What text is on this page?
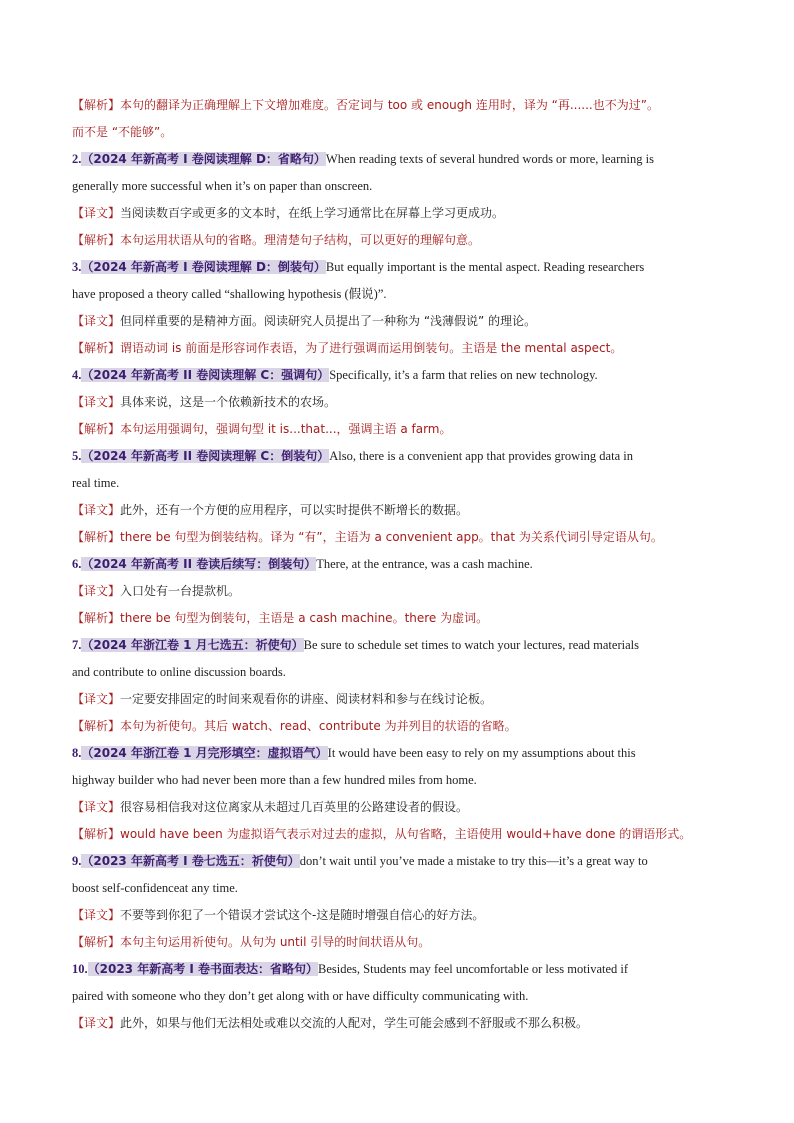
【解析】本句的翻译为正确理解上下文增加难度。否定词与 too 或 enough 连用时，译为 “再......也不为过”。
而不是 “不能够”。
2.（2024 年新高考 I 卷阅读理解 D：省略句）When reading texts of several hundred words or more, learning is
generally more successful when it’s on paper than onscreen.
【译文】当阅读数百字或更多的文本时，在纸上学习通常比在屏幕上学习更成功。
【解析】本句运用状语从句的省略。理清楚句子结构，可以更好的理解句意。
3.（2024 年新高考 I 卷阅读理解 D：倒装句）But equally important is the mental aspect. Reading researchers
have proposed a theory called “shallowing hypothesis (假说)”.
【译文】但同样重要的是精神方面。阅读研究人员提出了一种称为 “浅薄假说” 的理论。
【解析】谓语动词 is 前面是形容词作表语，为了进行强调而运用倒装句。主语是 the mental aspect。
4.（2024 年新高考 II 卷阅读理解 C：强调句）Specifically, it’s a farm that relies on new technology.
【译文】具体来说，这是一个依赖新技术的农场。
【解析】本句运用强调句，强调句型 it is...that...，强调主语 a farm。
5.（2024 年新高考 II 卷阅读理解 C：倒装句）Also, there is a convenient app that provides growing data in
real time.
【译文】此外，还有一个方便的应用程序，可以实时提供不断增长的数据。
【解析】there be 句型为倒装结构。译为 “有”，主语为 a convenient app。that 为关系代词引导定语从句。
6.（2024 年新高考 II 卷读后续写：倒装句）There, at the entrance, was a cash machine.
【译文】入口处有一台提款机。
【解析】there be 句型为倒装句，主语是 a cash machine。there 为虚词。
7.（2024 年浙江卷 1 月七选五：祈使句）Be sure to schedule set times to watch your lectures, read materials
and contribute to online discussion boards.
【译文】一定要安排固定的时间来观看你的讲座、阅读材料和参与在线讨论板。
【解析】本句为祈使句。其后 watch、read、contribute 为并列目的状语的省略。
8.（2024 年浙江卷 1 月完形填空：虚拟语气）It would have been easy to rely on my assumptions about this
highway builder who had never been more than a few hundred miles from home.
【译文】很容易相信我对这位离家从未超过几百英里的公路建设者的假设。
【解析】would have been 为虚拟语气表示对过去的虚拟，从句省略，主语使用 would+have done 的谓语形式。
9.（2023 年新高考 I 卷七选五：祈使句）don’t wait until you’ve made a mistake to try this—it’s a great way to
boost self-confidenceat any time.
【译文】不要等到你犯了一个错误才尝试这个-这是随时增强自信心的好方法。
【解析】本句主句运用祈使句。从句为 until 引导的时间状语从句。
10.（2023 年新高考 I 卷书面表达：省略句）Besides, Students may feel uncomfortable or less motivated if
paired with someone who they don’t get along with or have difficulty communicating with.
【译文】此外，如果与他们无法相处或难以交流的人配对，学生可能会感到不舒服或不那么积极。
